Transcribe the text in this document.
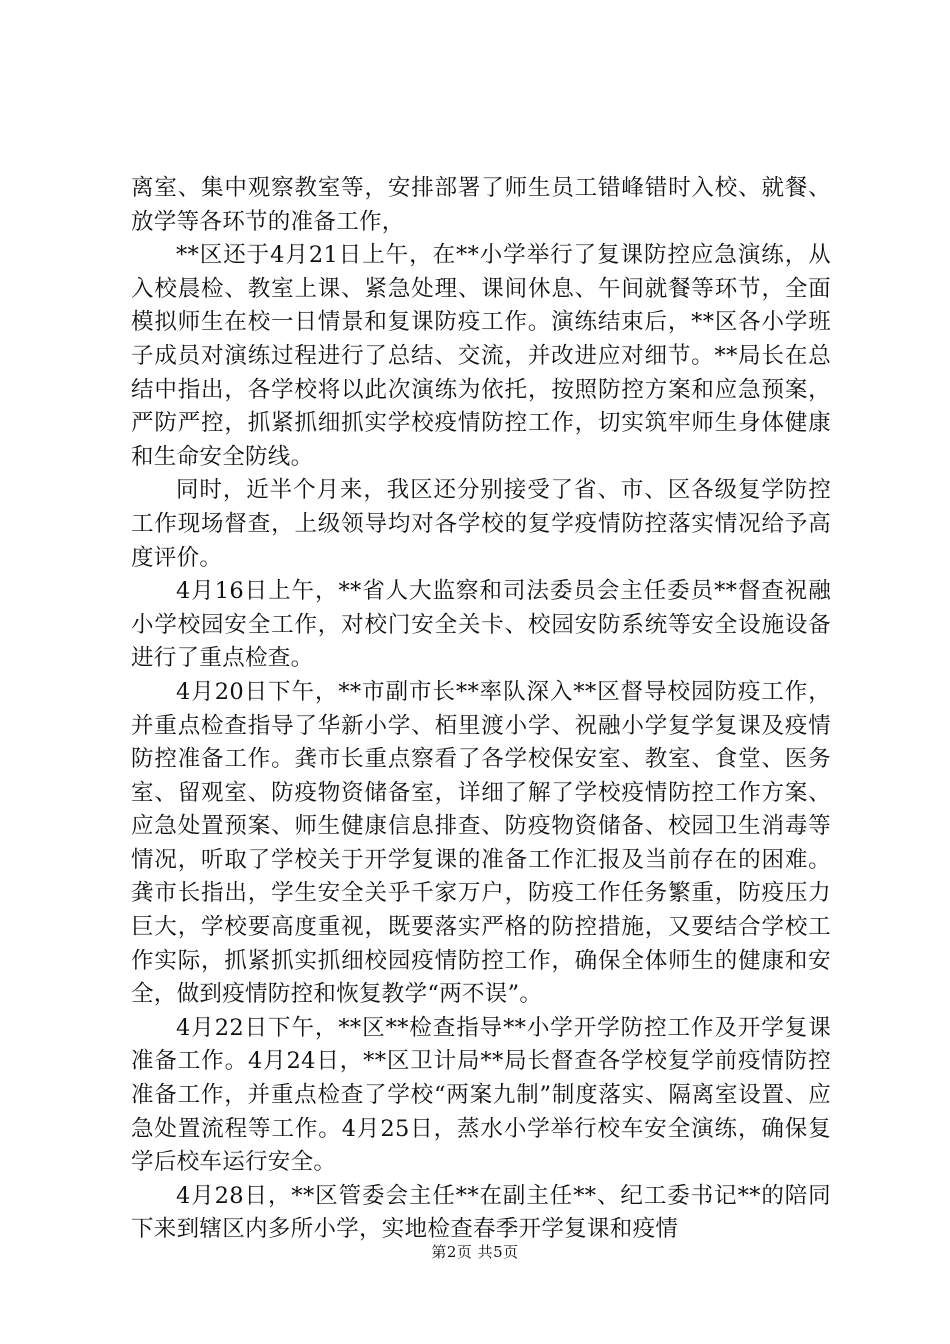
离室、集中观察教室等，安排部署了师生员工错峰错时入校、就餐、放学等各环节的准备工作，

**区还于4月21日上午，在**小学举行了复课防控应急演练，从入校晨检、教室上课、紧急处理、课间休息、午间就餐等环节，全面模拟师生在校一日情景和复课防疫工作。演练结束后，**区各小学班子成员对演练过程进行了总结、交流，并改进应对细节。**局长在总结中指出，各学校将以此次演练为依托，按照防控方案和应急预案，严防严控，抓紧抓细抓实学校疫情防控工作，切实筑牢师生身体健康和生命安全防线。

同时，近半个月来，我区还分别接受了省、市、区各级复学防控工作现场督查，上级领导均对各学校的复学疫情防控落实情况给予高度评价。

4月16日上午，**省人大监察和司法委员会主任委员**督查祝融小学校园安全工作，对校门安全关卡、校园安防系统等安全设施设备进行了重点检查。

4月20日下午，**市副市长**率队深入**区督导校园防疫工作，并重点检查指导了华新小学、栢里渡小学、祝融小学复学复课及疫情防控准备工作。龚市长重点察看了各学校保安室、教室、食堂、医务室、留观室、防疫物资储备室，详细了解了学校疫情防控工作方案、应急处置预案、师生健康信息排查、防疫物资储备、校园卫生消毒等情况，听取了学校关于开学复课的准备工作汇报及当前存在的困难。龚市长指出，学生安全关乎千家万户，防疫工作任务繁重，防疫压力巨大，学校要高度重视，既要落实严格的防控措施，又要结合学校工作实际，抓紧抓实抓细校园疫情防控工作，确保全体师生的健康和安全，做到疫情防控和恢复教学“两不误”。

4月22日下午，**区**检查指导**小学开学防控工作及开学复课准备工作。4月24日，**区卫计局**局长督查各学校复学前疫情防控准备工作，并重点检查了学校“两案九制”制度落实、隔离室设置、应急处置流程等工作。4月25日，蒸水小学举行校车安全演练，确保复学后校车运行安全。

4月28日，**区管委会主任**在副主任**、纪工委书记**的陪同下来到辖区内多所小学，实地检查春季开学复课和疫情

第2页 共5页
